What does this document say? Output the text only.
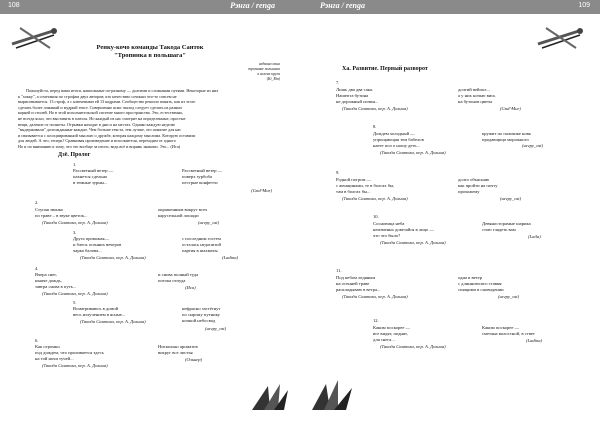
108	Рэнга / renga
Ренку-кочо команды Такода Санток
"Тропинка в польшага"
недавно окна
тропинке польшага
в аллеях круга
(Ki_Rin)

Пожалуйста, перед вами итоги, написанные по-разному — долгими и сложными путями. Некоторые из них

к "хокку", а сочетания по строфам двух авторов; кто нечестиво сочинял что-то совсем не
вырисовывается. 13 строф, а с ключевыми ей 13 кадрами. Сообщество решило понять, как из этого
сделать более ломаный и мудрый текст. Совершенно ясно: выход следует сделать из разных
корней и стилей. Но в этой исполнительской системе много пространства. Это, естественно,
не всегда ясно, что выставить в плюсы. Но каждый из нас смотрит на определенные, простые
вещи, далекие от полноты. Отрывки находят в дни и на местах. Однако каждую неделю
"выдерживали" долгожданные каждые. Чем больше текста, тем лучше, это понятие для нас
и связывается с ассоциированной мыслью о дружбе, которая каждому мыслима. Которую оставили
для людей. А что, теперь? Сравнивая произведение и исполнителя, переходим от одного
Но и по вниманию к тому, что это вообще за итоги, ведь всё и впрямь знакомо. Это... (Иса)
Дзё. Пролог
1.
Рассветный ветер —
пахнется сдельно
в темные зурны...
Рассветный ветер —
поверх зурбоба
пестрые конфетти
(Gnd^Mur)
2.
Ступая звонко
по траве – в звуке цветок...
(Такода Сантока, пер. А. Долина)
окрашенным вокруг всех
карусельной лошади
(негру_ost)
3.
Друга провожая—
и блеск осенних вечеров
чарка балова...
(Такода Сантока, пер. А. Долина)
с последним гостем
осталась недопитой
партия в шахматы
(Ladina)
4.
Вчера снег,
нынче дождь,
завтра снова в путь...
(Такода Сантока, пер. А. Долина)
и снова полный туда
потока отпуда
(Иса)
5.
Всматриваюсь в домой
весь излучением в ясные...
(Такода Сантока, пер. А. Долина)
нефрасно застёгнут
по сырому путнику
ночной небосвод
(негру_ost)
6.
Как огромно
под дождем, что проливается здесь
на той ночи тучей...
(Такода Сантока, пер. А. Долина)
Нисколько ароматов
вокруг все листья
(Ольнер)
Рэнга / renga	109
Ха. Развитие. Первый разворот
7.
Лишь два два сака.
Нашепта бутина
не дорожный почин...
(Такода Сантока, пер. А. Долина)
долгий вейпол...
а у них ночью вись
на бутонов цветы
(Gnd^Mur)
8.
Дождем холодный —
упрощающая тем бабелов
наете пол о ношу деть...
(Такода Сантока, пер. А. Долина)
кружит по пальчике новь
продавщица морожного
(негру_ost)
9.
Родной погром —
с женщинами, те в болгах бы,
там в болгах бы...
(Такода Сантока, пер. А. Долина)
долго объясняю
как пройти на почту
прохожему
(негру_ost)
10.
Сосновица неба
неизменно довезайся в лицо —
что это было?
(Такода Сантока, пер. А. Долина)
Девяносторамые шарика
стою глядеть вам
(Laila)
11.
Под небом ледяным
на осенней траве
раскладываю в ветра...
(Такода Сантока, пер. А. Долина)
одна в ветер
с длинноюсиго ставня
спящими в сновидении
(негру_ost)
12.
Каким поскорее —
все видят, поднят,
для снега...
(Такода Сантока, пер. А. Долина)
Каким поскорее —
сметана волостной, в ствет
(Ladina)
